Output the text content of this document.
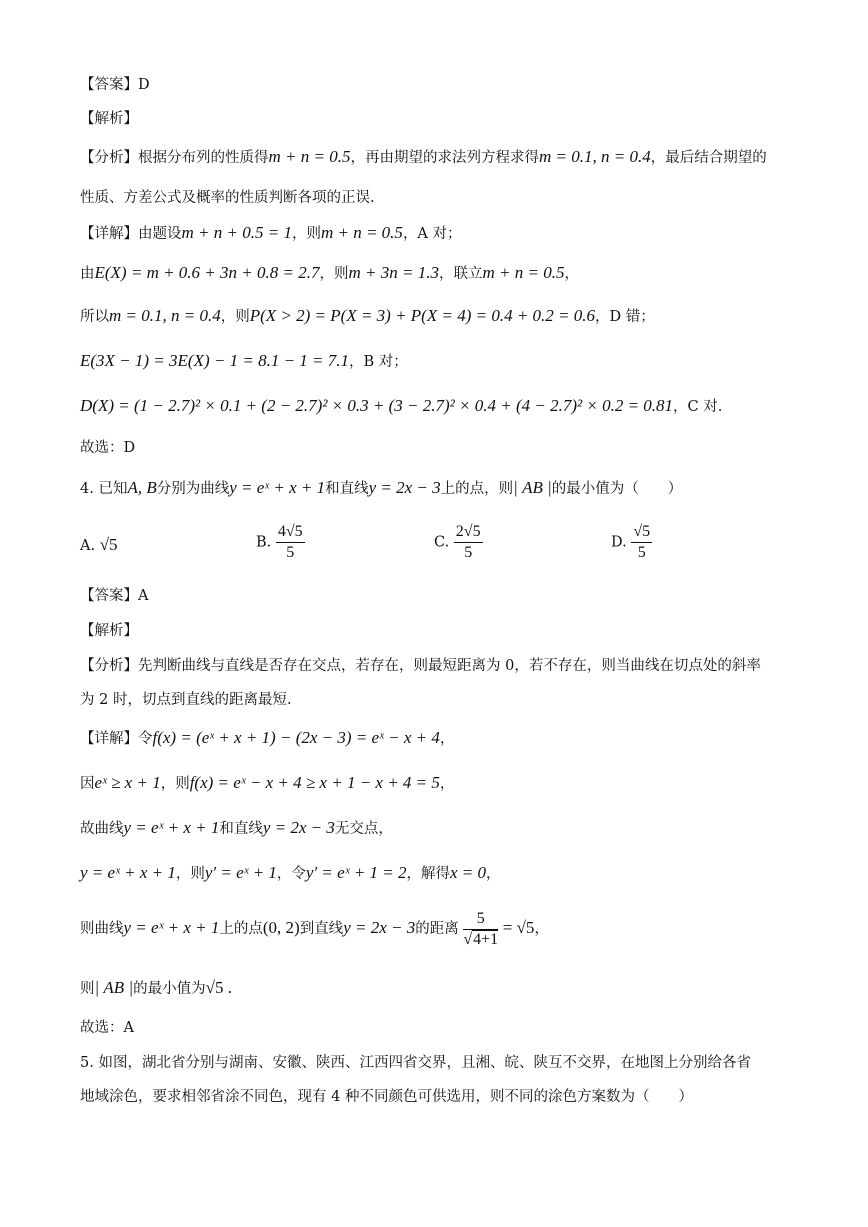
【答案】D
【解析】
【分析】根据分布列的性质得m + n = 0.5，再由期望的求法列方程求得m = 0.1, n = 0.4，最后结合期望的
性质、方差公式及概率的性质判断各项的正误.
【详解】由题设m + n + 0.5 = 1，则m + n = 0.5，A 对；
由E(X) = m + 0.6 + 3n + 0.8 = 2.7，则m + 3n = 1.3，联立m + n = 0.5，
所以m = 0.1, n = 0.4，则P(X > 2) = P(X = 3) + P(X = 4) = 0.4 + 0.2 = 0.6，D 错；
E(3X − 1) = 3E(X) − 1 = 8.1 − 1 = 7.1，B 对；
D(X) = (1 − 2.7)² × 0.1 + (2 − 2.7)² × 0.3 + (3 − 2.7)² × 0.4 + (4 − 2.7)² × 0.2 = 0.81，C 对.
故选：D
4. 已知A, B分别为曲线y = eˣ + x + 1和直线y = 2x − 3上的点，则| AB |的最小值为（　　）
A. √5	B. $\frac{4√5}{5}$	C. $\frac{2√5}{5}$	D. $\frac{√5}{5}$
【答案】A
【解析】
【分析】先判断曲线与直线是否存在交点，若存在，则最短距离为 0，若不存在，则当曲线在切点处的斜率
为 2 时，切点到直线的距离最短.
【详解】令f(x) = (eˣ + x + 1) − (2x − 3) = eˣ − x + 4，
因eˣ ≥ x + 1，则f(x) = eˣ − x + 4 ≥ x + 1 − x + 4 = 5，
故曲线y = eˣ + x + 1和直线y = 2x − 3无交点，
y = eˣ + x + 1，则y′ = eˣ + 1，令y′ = eˣ + 1 = 2，解得x = 0，
则曲线y = eˣ + x + 1上的点(0, 2)到直线y = 2x − 3的距离 $\frac{5}{√4+1} = √5$，
则| AB |的最小值为√5 .
故选：A
5. 如图，湖北省分别与湖南、安徽、陕西、江西四省交界，且湘、皖、陕互不交界，在地图上分别给各省
地域涂色，要求相邻省涂不同色，现有 4 种不同颜色可供选用，则不同的涂色方案数为（　　）
